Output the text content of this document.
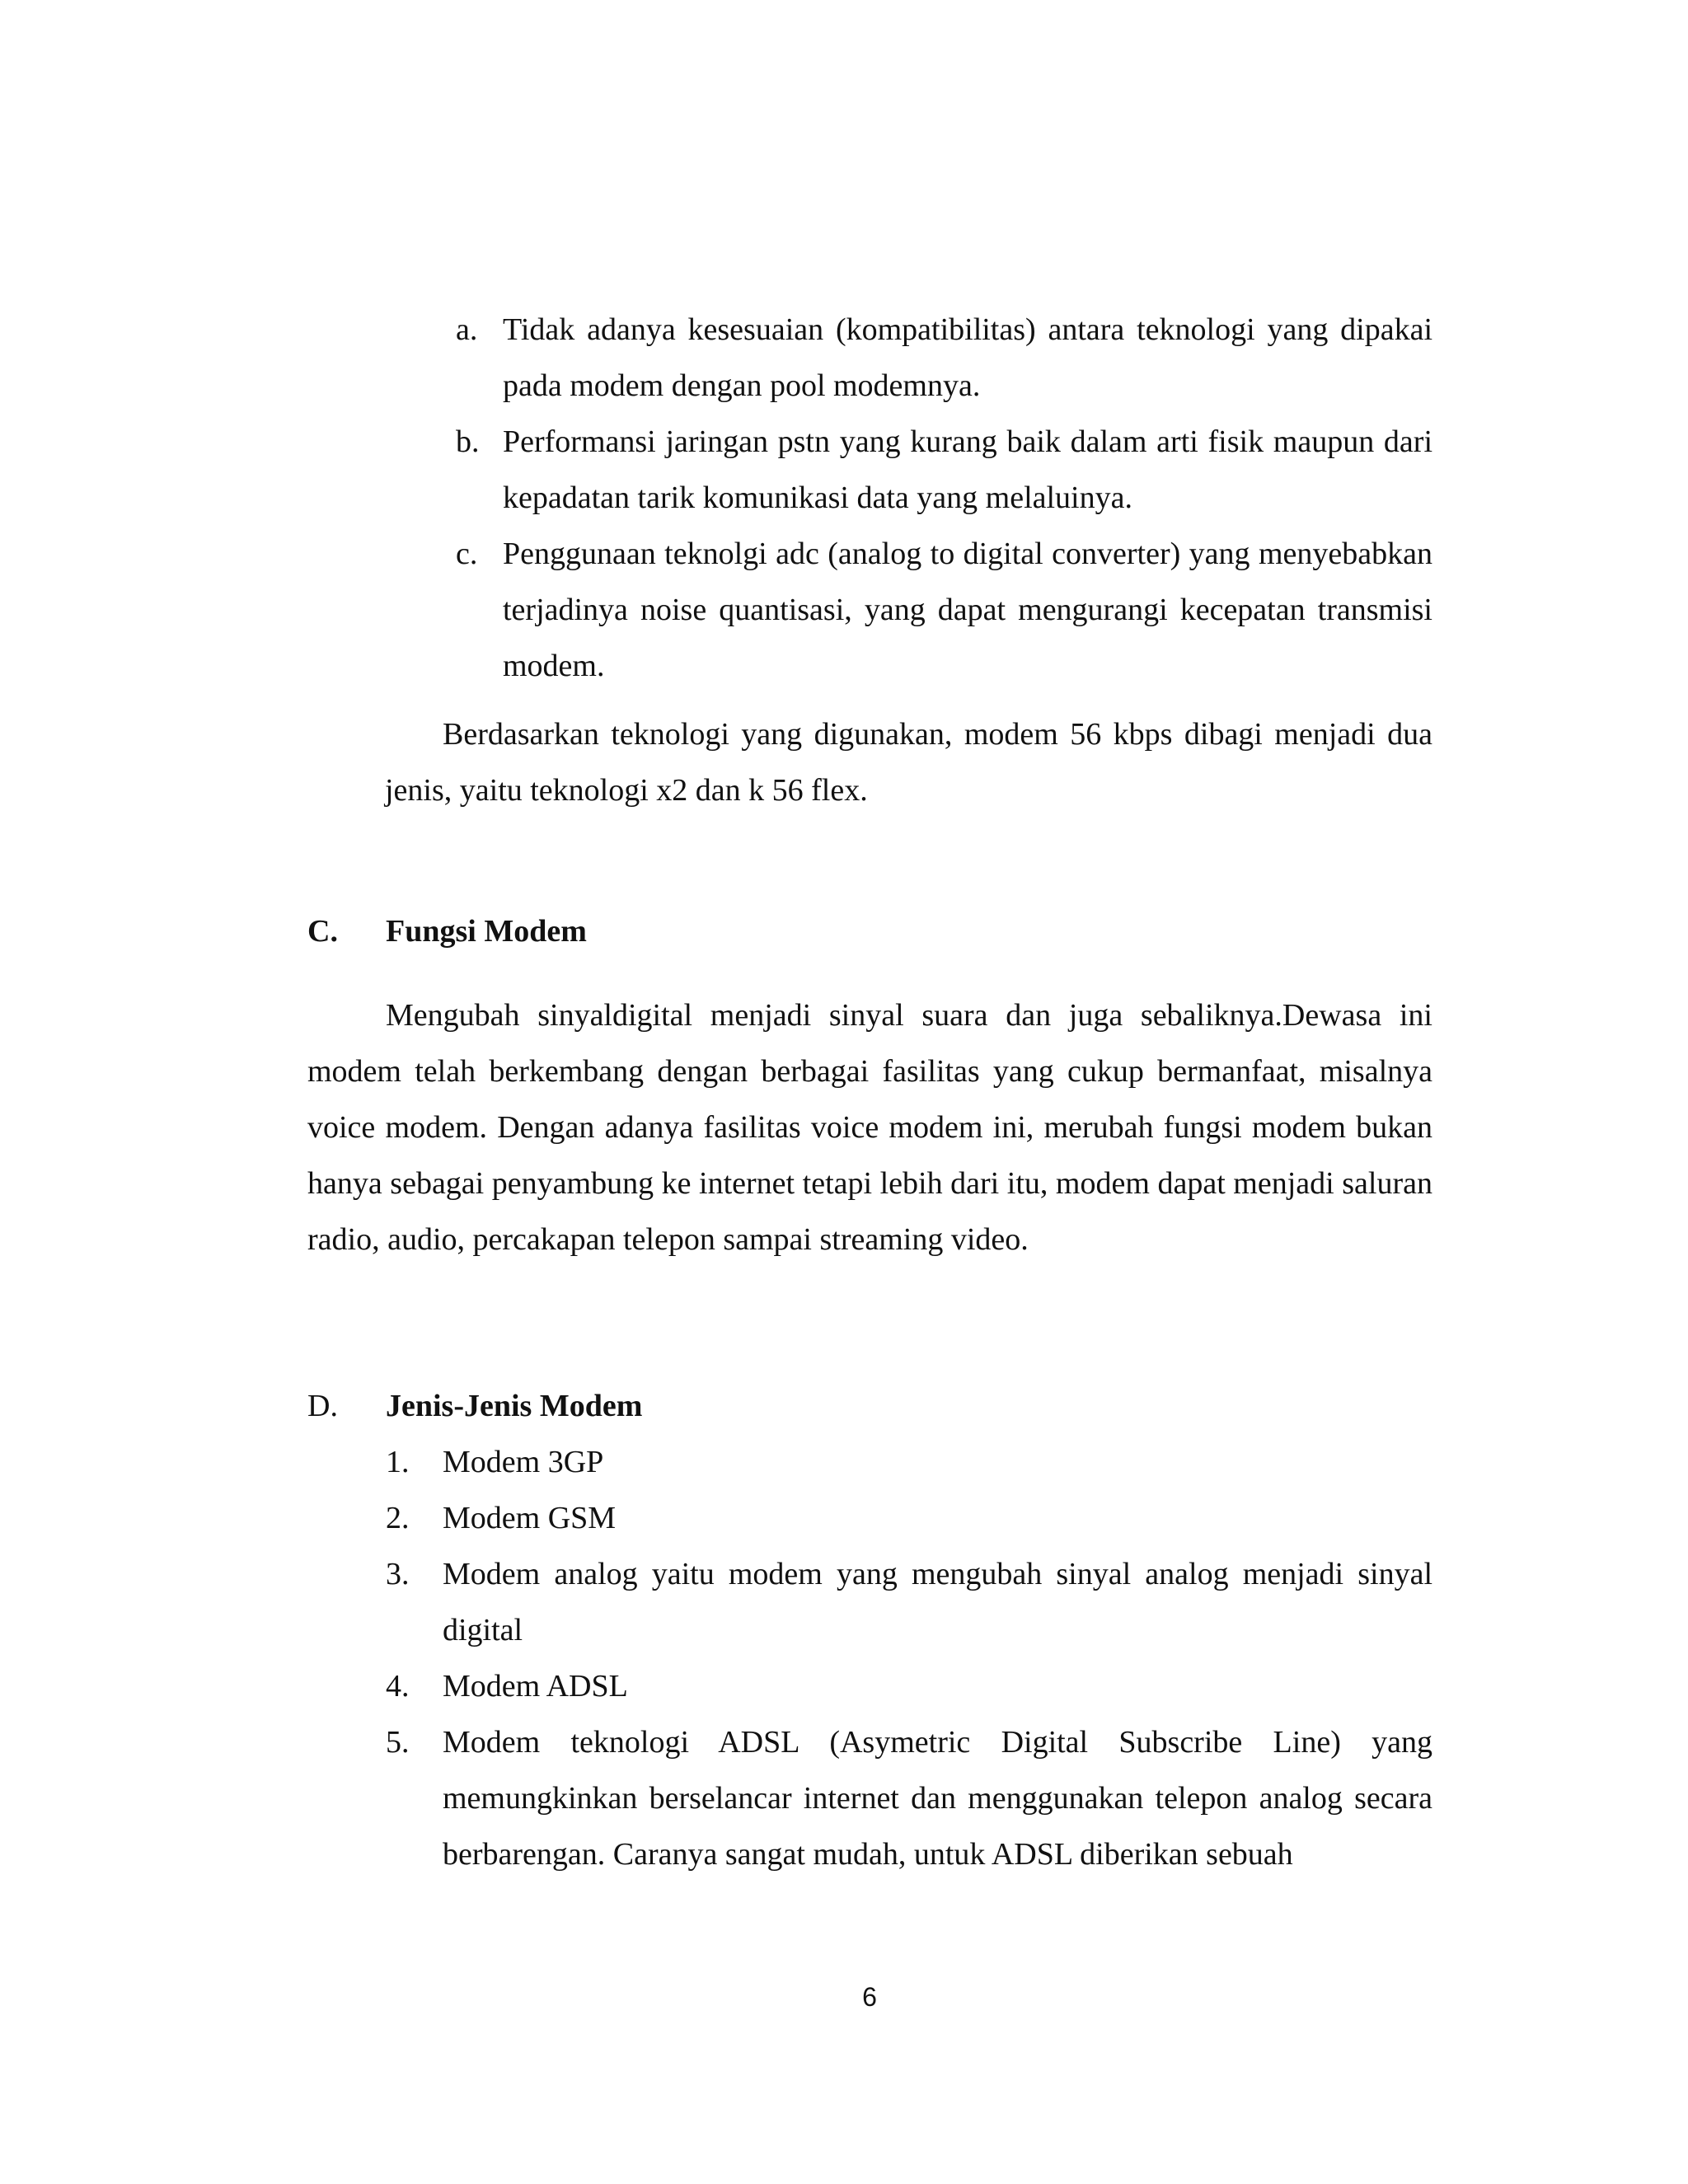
a. Tidak adanya kesesuaian (kompatibilitas) antara teknologi yang dipakai pada modem dengan pool modemnya.
b. Performansi jaringan pstn yang kurang baik dalam arti fisik maupun dari kepadatan tarik komunikasi data yang melaluinya.
c. Penggunaan teknolgi adc (analog to digital converter) yang menyebabkan terjadinya noise quantisasi, yang dapat mengurangi kecepatan transmisi modem.

Berdasarkan teknologi yang digunakan, modem 56 kbps dibagi menjadi dua jenis, yaitu teknologi x2 dan k 56 flex.

C. Fungsi Modem

Mengubah sinyaldigital menjadi sinyal suara dan juga sebaliknya.Dewasa ini modem telah berkembang dengan berbagai fasilitas yang cukup bermanfaat, misalnya voice modem. Dengan adanya fasilitas voice modem ini, merubah fungsi modem bukan hanya sebagai penyambung ke internet tetapi lebih dari itu, modem dapat menjadi saluran radio, audio, percakapan telepon sampai streaming video.

D. Jenis-Jenis Modem
1. Modem 3GP
2. Modem GSM
3. Modem analog yaitu modem yang mengubah sinyal analog menjadi sinyal digital
4. Modem ADSL
5. Modem teknologi ADSL (Asymetric Digital Subscribe Line) yang memungkinkan berselancar internet dan menggunakan telepon analog secara berbarengan. Caranya sangat mudah, untuk ADSL diberikan sebuah
6
